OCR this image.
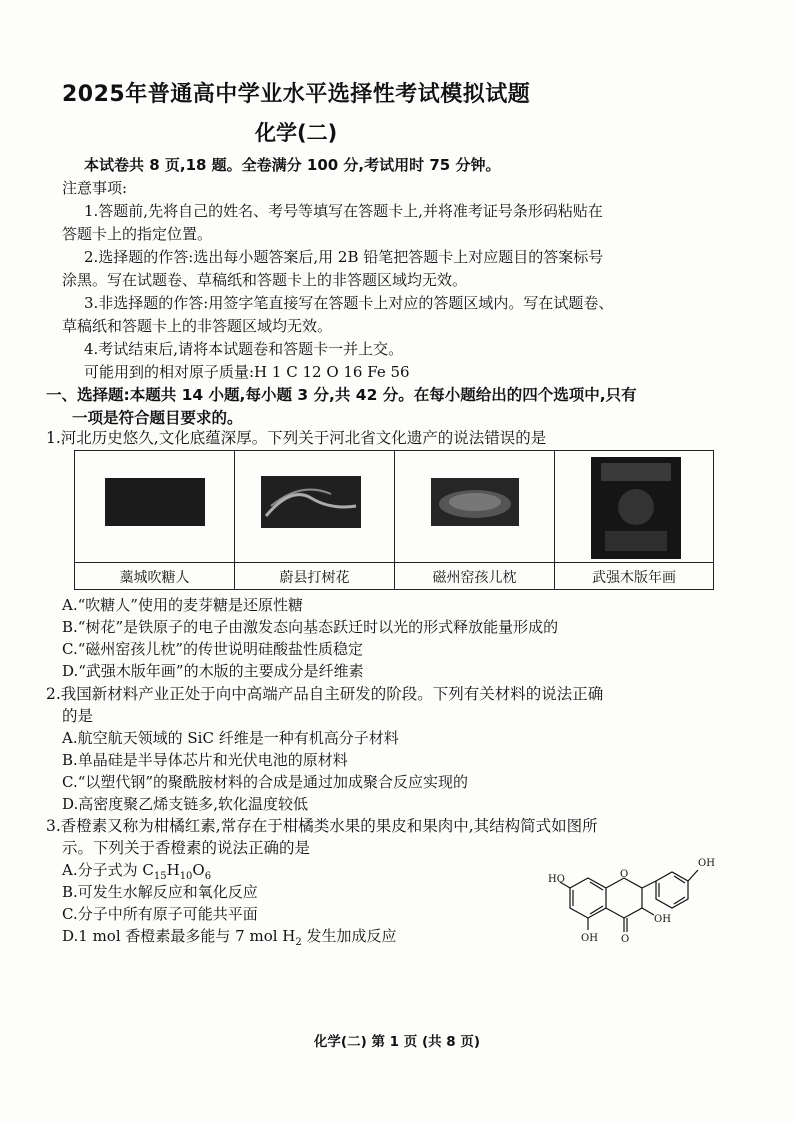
2025年普通高中学业水平选择性考试模拟试题
化学(二)
本试卷共 8 页,18 题。全卷满分 100 分,考试用时 75 分钟。
注意事项:
1.答题前,先将自己的姓名、考号等填写在答题卡上,并将准考证号条形码粘贴在
答题卡上的指定位置。
2.选择题的作答:选出每小题答案后,用 2B 铅笔把答题卡上对应题目的答案标号
涂黑。写在试题卷、草稿纸和答题卡上的非答题区域均无效。
3.非选择题的作答:用签字笔直接写在答题卡上对应的答题区域内。写在试题卷、
草稿纸和答题卡上的非答题区域均无效。
4.考试结束后,请将本试题卷和答题卡一并上交。
可能用到的相对原子质量:H 1 C 12 O 16 Fe 56
一、选择题:本题共 14 小题,每小题 3 分,共 42 分。在每小题给出的四个选项中,只有
一项是符合题目要求的。
1.河北历史悠久,文化底蕴深厚。下列关于河北省文化遗产的说法错误的是
藁城吹糖人	蔚县打树花	磁州窑孩儿枕	武强木版年画
A.“吹糖人”使用的麦芽糖是还原性糖
B.“树花”是铁原子的电子由激发态向基态跃迁时以光的形式释放能量形成的
C.“磁州窑孩儿枕”的传世说明硅酸盐性质稳定
D.“武强木版年画”的木版的主要成分是纤维素
2.我国新材料产业正处于向中高端产品自主研发的阶段。下列有关材料的说法正确
的是
A.航空航天领域的 SiC 纤维是一种有机高分子材料
B.单晶硅是半导体芯片和光伏电池的原材料
C.“以塑代钢”的聚酰胺材料的合成是通过加成聚合反应实现的
D.高密度聚乙烯支链多,软化温度较低
3.香橙素又称为柑橘红素,常存在于柑橘类水果的果皮和果肉中,其结构简式如图所
示。下列关于香橙素的说法正确的是
A.分子式为 $C_{15}H_{10}O_6$
B.可发生水解反应和氧化反应
C.分子中所有原子可能共平面
D.1 mol 香橙素最多能与 7 mol $H_2$ 发生加成反应
OH
HO
OH
OH
O
O
化学(二) 第 1 页 (共 8 页)
